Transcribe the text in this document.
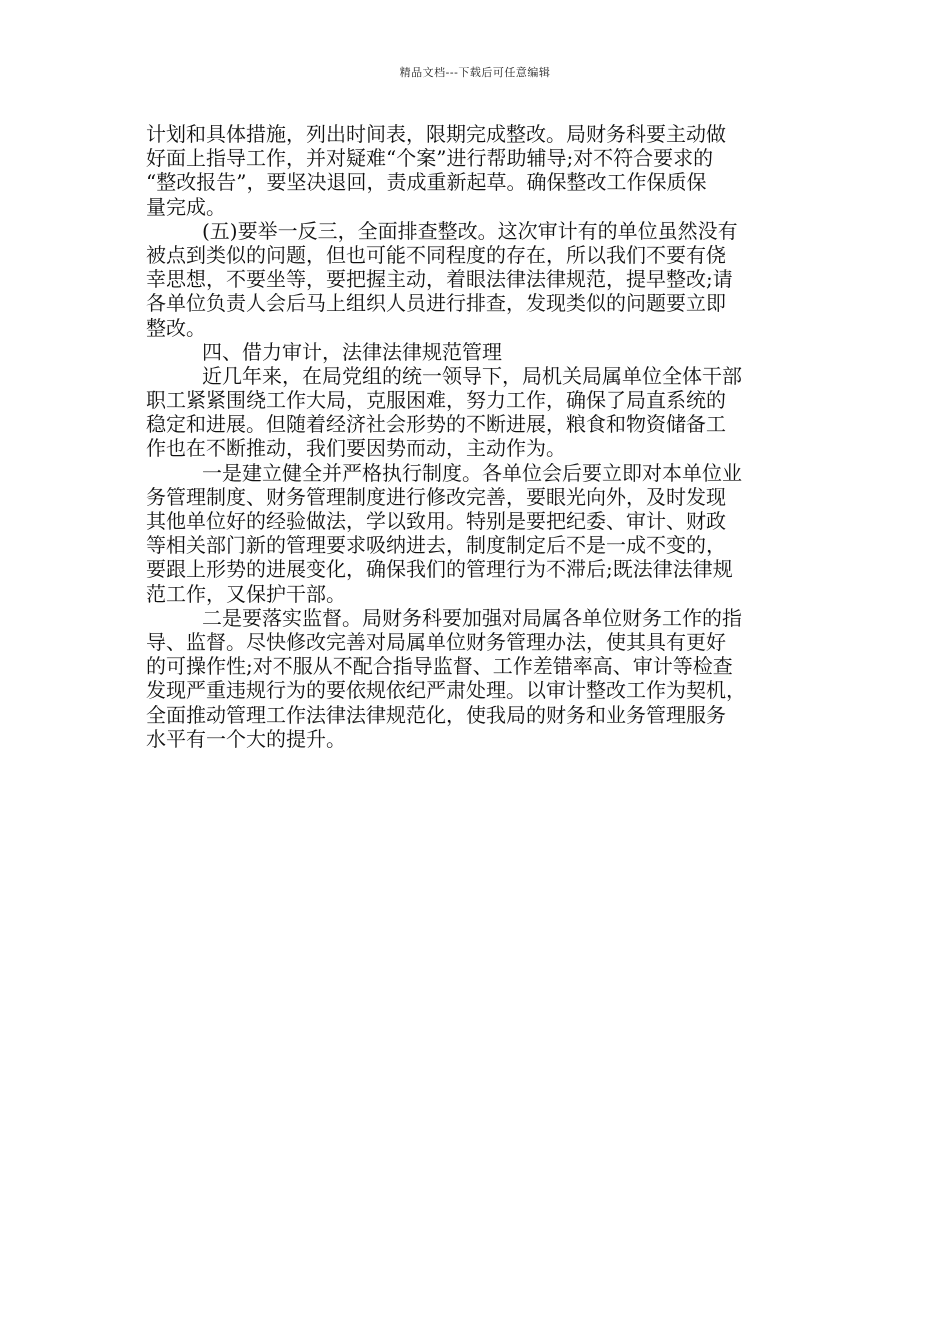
精品文档---下载后可任意编辑
计划和具体措施，列出时间表，限期完成整改。局财务科要主动做
好面上指导工作，并对疑难“个案”进行帮助辅导;对不符合要求的
“整改报告”，要坚决退回，责成重新起草。确保整改工作保质保
量完成。
(五)要举一反三，全面排查整改。这次审计有的单位虽然没有
被点到类似的问题，但也可能不同程度的存在，所以我们不要有侥
幸思想，不要坐等，要把握主动，着眼法律法律规范，提早整改;请
各单位负责人会后马上组织人员进行排查，发现类似的问题要立即
整改。
四、借力审计，法律法律规范管理
近几年来，在局党组的统一领导下，局机关局属单位全体干部
职工紧紧围绕工作大局，克服困难，努力工作，确保了局直系统的
稳定和进展。但随着经济社会形势的不断进展，粮食和物资储备工
作也在不断推动，我们要因势而动，主动作为。
一是建立健全并严格执行制度。各单位会后要立即对本单位业
务管理制度、财务管理制度进行修改完善，要眼光向外，及时发现
其他单位好的经验做法，学以致用。特别是要把纪委、审计、财政
等相关部门新的管理要求吸纳进去，制度制定后不是一成不变的，
要跟上形势的进展变化，确保我们的管理行为不滞后;既法律法律规
范工作，又保护干部。
二是要落实监督。局财务科要加强对局属各单位财务工作的指
导、监督。尽快修改完善对局属单位财务管理办法，使其具有更好
的可操作性;对不服从不配合指导监督、工作差错率高、审计等检查
发现严重违规行为的要依规依纪严肃处理。以审计整改工作为契机，
全面推动管理工作法律法律规范化，使我局的财务和业务管理服务
水平有一个大的提升。
